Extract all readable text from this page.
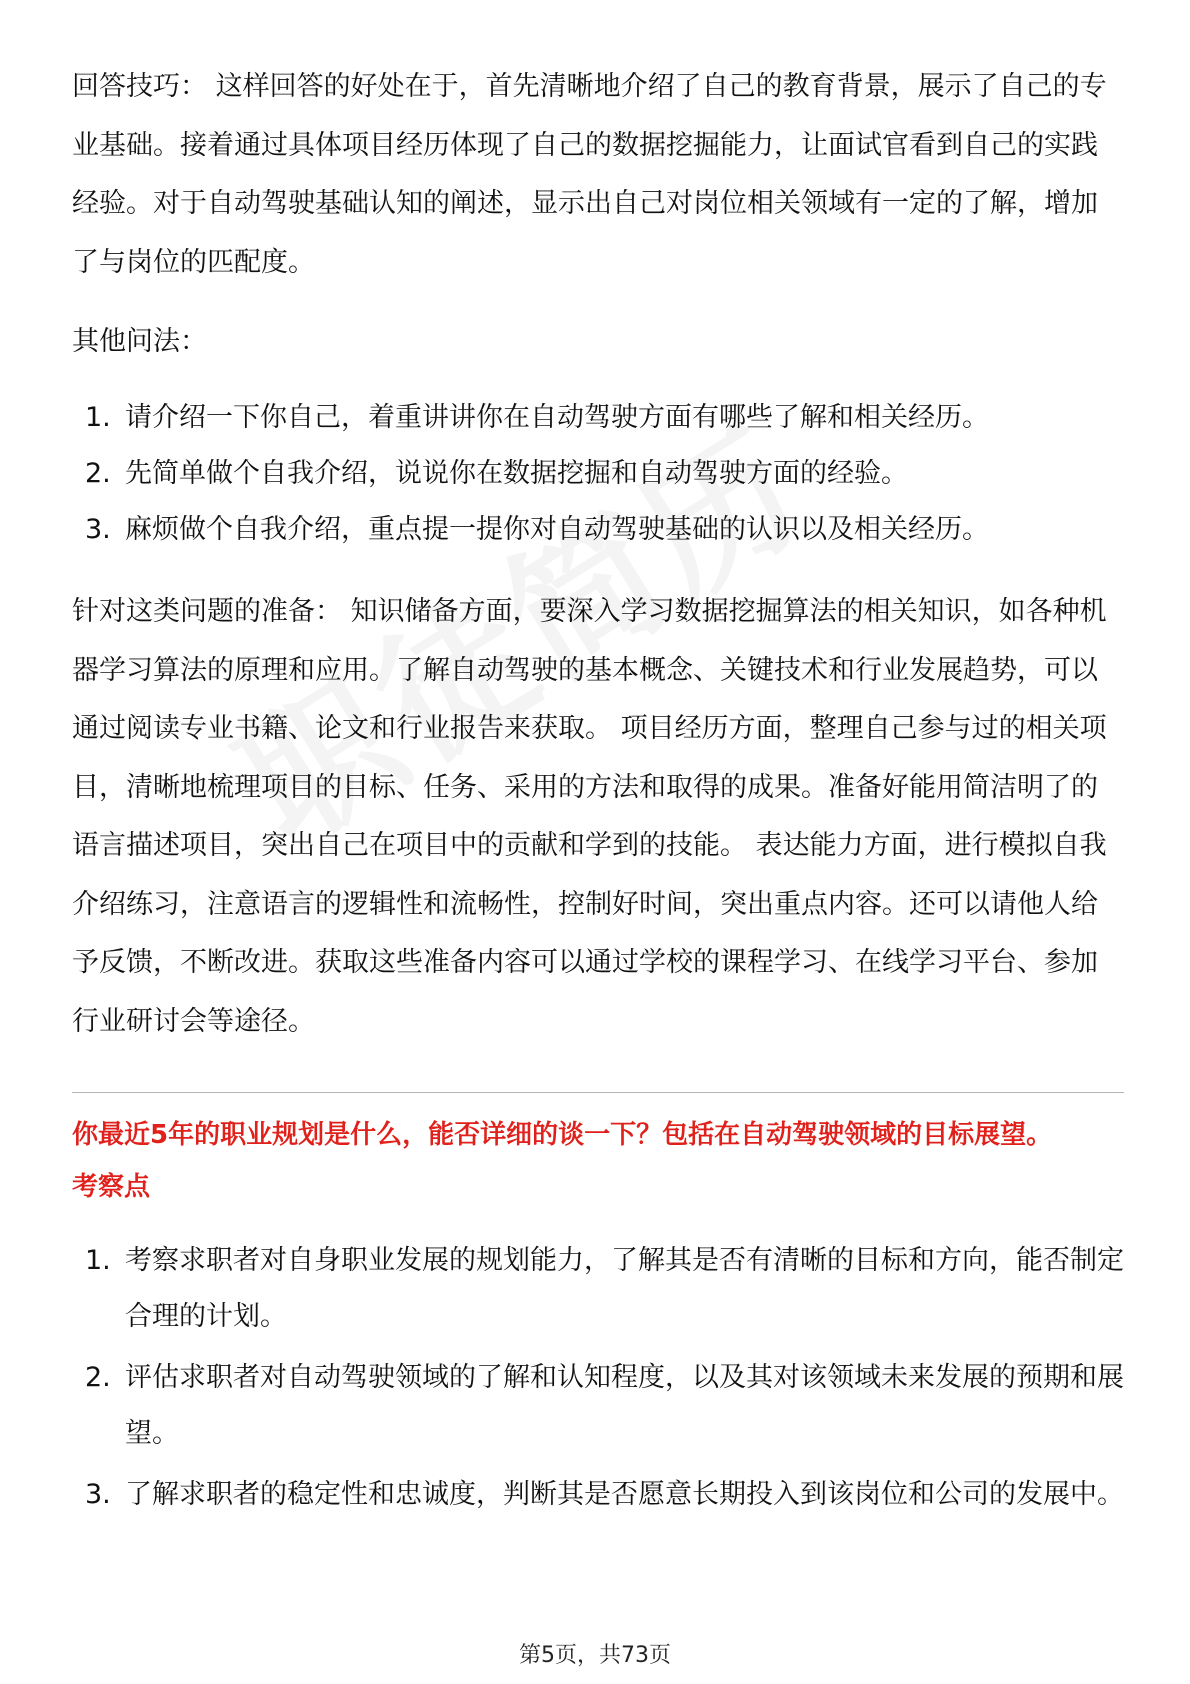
回答技巧： 这样回答的好处在于，首先清晰地介绍了自己的教育背景，展示了自己的专业基础。接着通过具体项目经历体现了自己的数据挖掘能力，让面试官看到自己的实践经验。对于自动驾驶基础认知的阐述，显示出自己对岗位相关领域有一定的了解，增加了与岗位的匹配度。

其他问法：

1. 请介绍一下你自己，着重讲讲你在自动驾驶方面有哪些了解和相关经历。
2. 先简单做个自我介绍，说说你在数据挖掘和自动驾驶方面的经验。
3. 麻烦做个自我介绍，重点提一提你对自动驾驶基础的认识以及相关经历。

针对这类问题的准备： 知识储备方面，要深入学习数据挖掘算法的相关知识，如各种机器学习算法的原理和应用。了解自动驾驶的基本概念、关键技术和行业发展趋势，可以通过阅读专业书籍、论文和行业报告来获取。 项目经历方面，整理自己参与过的相关项目，清晰地梳理项目的目标、任务、采用的方法和取得的成果。准备好能用简洁明了的语言描述项目，突出自己在项目中的贡献和学到的技能。 表达能力方面，进行模拟自我介绍练习，注意语言的逻辑性和流畅性，控制好时间，突出重点内容。还可以请他人给予反馈，不断改进。获取这些准备内容可以通过学校的课程学习、在线学习平台、参加行业研讨会等途径。

你最近5年的职业规划是什么，能否详细的谈一下？包括在自动驾驶领域的目标展望。

考察点

1. 考察求职者对自身职业发展的规划能力，了解其是否有清晰的目标和方向，能否制定合理的计划。
2. 评估求职者对自动驾驶领域的了解和认知程度，以及其对该领域未来发展的预期和展望。
3. 了解求职者的稳定性和忠诚度，判断其是否愿意长期投入到该岗位和公司的发展中。
第5页，共73页
